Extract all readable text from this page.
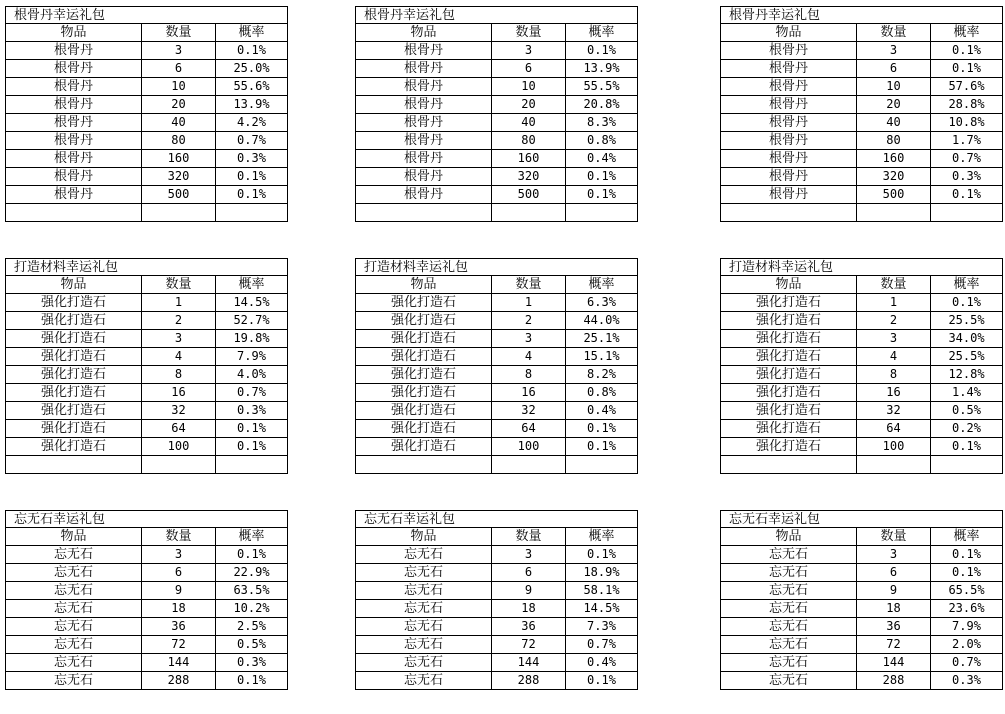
根骨丹幸运礼包
物品	数量	概率
根骨丹	3	0.1%
根骨丹	6	25.0%
根骨丹	10	55.6%
根骨丹	20	13.9%
根骨丹	40	4.2%
根骨丹	80	0.7%
根骨丹	160	0.3%
根骨丹	320	0.1%
根骨丹	500	0.1%
根骨丹幸运礼包
物品	数量	概率
根骨丹	3	0.1%
根骨丹	6	13.9%
根骨丹	10	55.5%
根骨丹	20	20.8%
根骨丹	40	8.3%
根骨丹	80	0.8%
根骨丹	160	0.4%
根骨丹	320	0.1%
根骨丹	500	0.1%
根骨丹幸运礼包
物品	数量	概率
根骨丹	3	0.1%
根骨丹	6	0.1%
根骨丹	10	57.6%
根骨丹	20	28.8%
根骨丹	40	10.8%
根骨丹	80	1.7%
根骨丹	160	0.7%
根骨丹	320	0.3%
根骨丹	500	0.1%
打造材料幸运礼包
物品	数量	概率
强化打造石	1	14.5%
强化打造石	2	52.7%
强化打造石	3	19.8%
强化打造石	4	7.9%
强化打造石	8	4.0%
强化打造石	16	0.7%
强化打造石	32	0.3%
强化打造石	64	0.1%
强化打造石	100	0.1%
打造材料幸运礼包
物品	数量	概率
强化打造石	1	6.3%
强化打造石	2	44.0%
强化打造石	3	25.1%
强化打造石	4	15.1%
强化打造石	8	8.2%
强化打造石	16	0.8%
强化打造石	32	0.4%
强化打造石	64	0.1%
强化打造石	100	0.1%
打造材料幸运礼包
物品	数量	概率
强化打造石	1	0.1%
强化打造石	2	25.5%
强化打造石	3	34.0%
强化打造石	4	25.5%
强化打造石	8	12.8%
强化打造石	16	1.4%
强化打造石	32	0.5%
强化打造石	64	0.2%
强化打造石	100	0.1%
忘无石幸运礼包
物品	数量	概率
忘无石	3	0.1%
忘无石	6	22.9%
忘无石	9	63.5%
忘无石	18	10.2%
忘无石	36	2.5%
忘无石	72	0.5%
忘无石	144	0.3%
忘无石	288	0.1%
忘无石幸运礼包
物品	数量	概率
忘无石	3	0.1%
忘无石	6	18.9%
忘无石	9	58.1%
忘无石	18	14.5%
忘无石	36	7.3%
忘无石	72	0.7%
忘无石	144	0.4%
忘无石	288	0.1%
忘无石幸运礼包
物品	数量	概率
忘无石	3	0.1%
忘无石	6	0.1%
忘无石	9	65.5%
忘无石	18	23.6%
忘无石	36	7.9%
忘无石	72	2.0%
忘无石	144	0.7%
忘无石	288	0.3%
